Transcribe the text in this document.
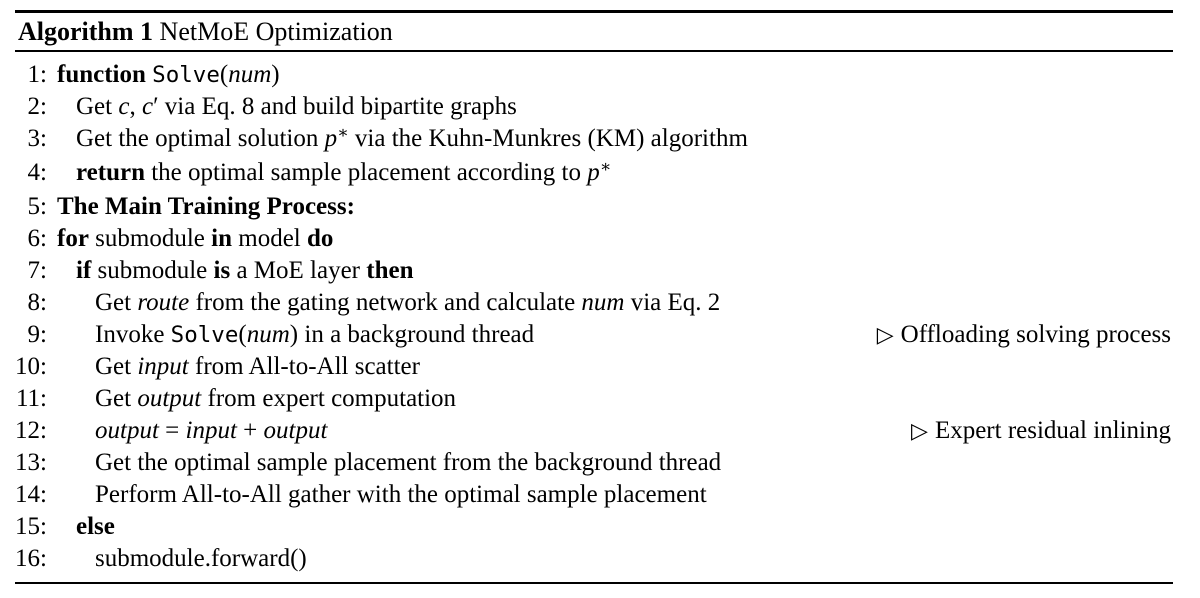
Algorithm 1 NetMoE Optimization
1: function Solve(num)
2:	Get c, c′ via Eq. 8 and build bipartite graphs
3:	Get the optimal solution p∗ via the Kuhn-Munkres (KM) algorithm
4:	return the optimal sample placement according to p∗
5: The Main Training Process:
6: for submodule in model do
7:	if submodule is a MoE layer then
8:	Get route from the gating network and calculate num via Eq. 2
9:	Invoke Solve(num) in a background thread	▷ Offloading solving process
10:	Get input from All-to-All scatter
11:	Get output from expert computation
12:	output = input + output	▷ Expert residual inlining
13:	Get the optimal sample placement from the background thread
14:	Perform All-to-All gather with the optimal sample placement
15:	else
16:	submodule.forward()
